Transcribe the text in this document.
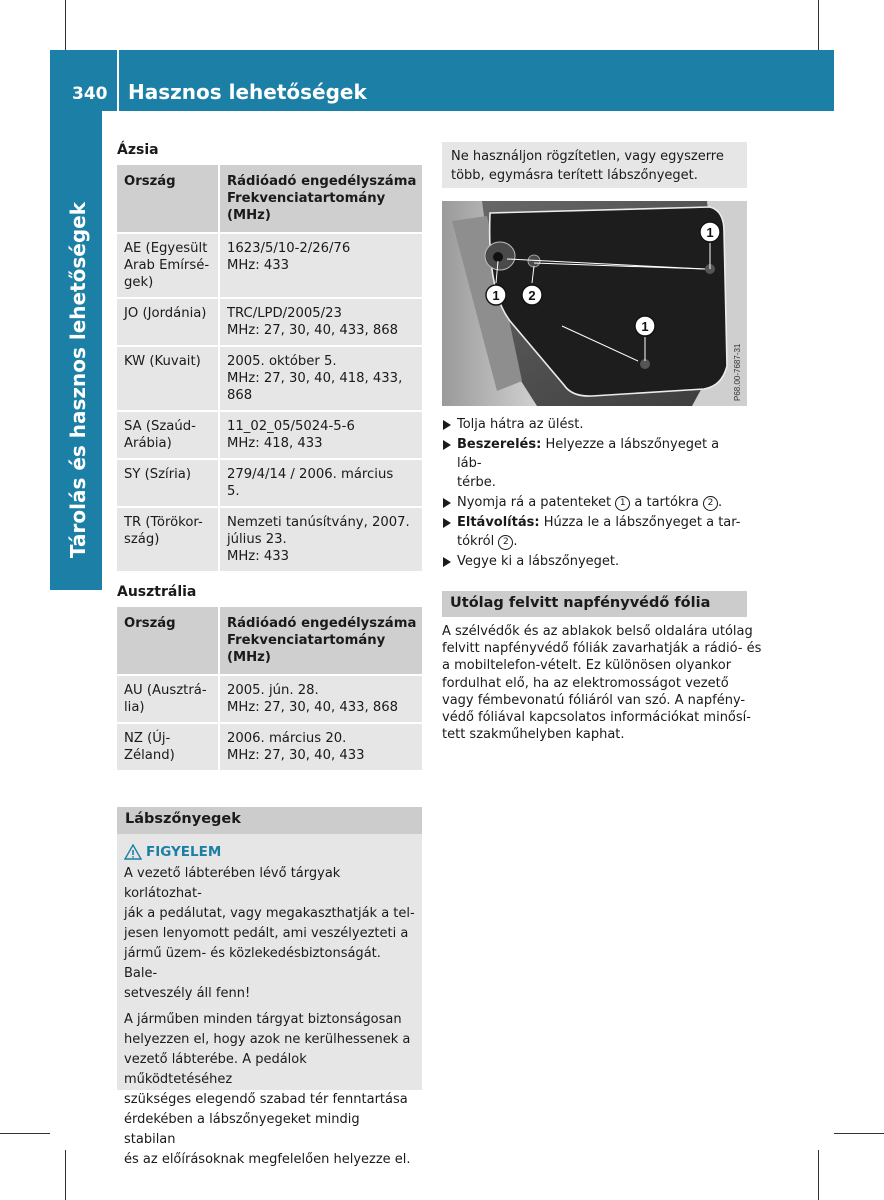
340 Hasznos lehetőségek
Tárolás és hasznos lehetőségek
Ázsia
Ország	Rádióadó engedélyszáma
Frekvenciatartomány
(MHz)

AE (Egyesült
Arab Emírsé-
gek)	1623/5/10-2/26/76
MHz: 433

JO (Jordánia)	TRC/LPD/2005/23
MHz: 27, 30, 40, 433, 868

KW (Kuvait)	2005. október 5.
MHz: 27, 30, 40, 418, 433,
868

SA (Szaúd-
Arábia)	11_02_05/5024-5-6
MHz: 418, 433

SY (Szíria)	279/4/14 / 2006. március
5.

TR (Törökor-
szág)	Nemzeti tanúsítvány, 2007.
július 23.
MHz: 433
Ausztrália
Ország	Rádióadó engedélyszáma
Frekvenciatartomány
(MHz)

AU (Ausztrá-
lia)	2005. jún. 28.
MHz: 27, 30, 40, 433, 868

NZ (Új-
Zéland)	2006. március 20.
MHz: 27, 30, 40, 433
Lábszőnyegek
FIGYELEM

A vezető lábterében lévő tárgyak korlátozhat-
ják a pedálutat, vagy megakaszthatják a tel-
jesen lenyomott pedált, ami veszélyezteti a
jármű üzem- és közlekedésbiztonságát. Bale-
setveszély áll fenn!

A járműben minden tárgyat biztonságosan
helyezzen el, hogy azok ne kerülhessenek a
vezető lábterébe. A pedálok működtetéséhez
szükséges elegendő szabad tér fenntartása
érdekében a lábszőnyegeket mindig stabilan
és az előírásoknak megfelelően helyezze el.

Ne használjon rögzítetlen, vagy egyszerre
több, egymásra terített lábszőnyeget.
1
1 2
1
P68.00-7687-31
Tolja hátra az ülést.
Beszerelés: Helyezze a lábszőnyeget a láb-
térbe.
Nyomja rá a patenteket 1 a tartókra 2 .
Eltávolítás: Húzza le a lábszőnyeget a tar-
tókról 2 .
Vegye ki a lábszőnyeget.
Utólag felvitt napfényvédő fólia
A szélvédők és az ablakok belső oldalára utólag
felvitt napfényvédő fóliák zavarhatják a rádió- és
a mobiltelefon-vételt. Ez különösen olyankor
fordulhat elő, ha az elektromosságot vezető
vagy fémbevonatú fóliáról van szó. A napfény-
védő fóliával kapcsolatos információkat minősí-
tett szakműhelyben kaphat.
